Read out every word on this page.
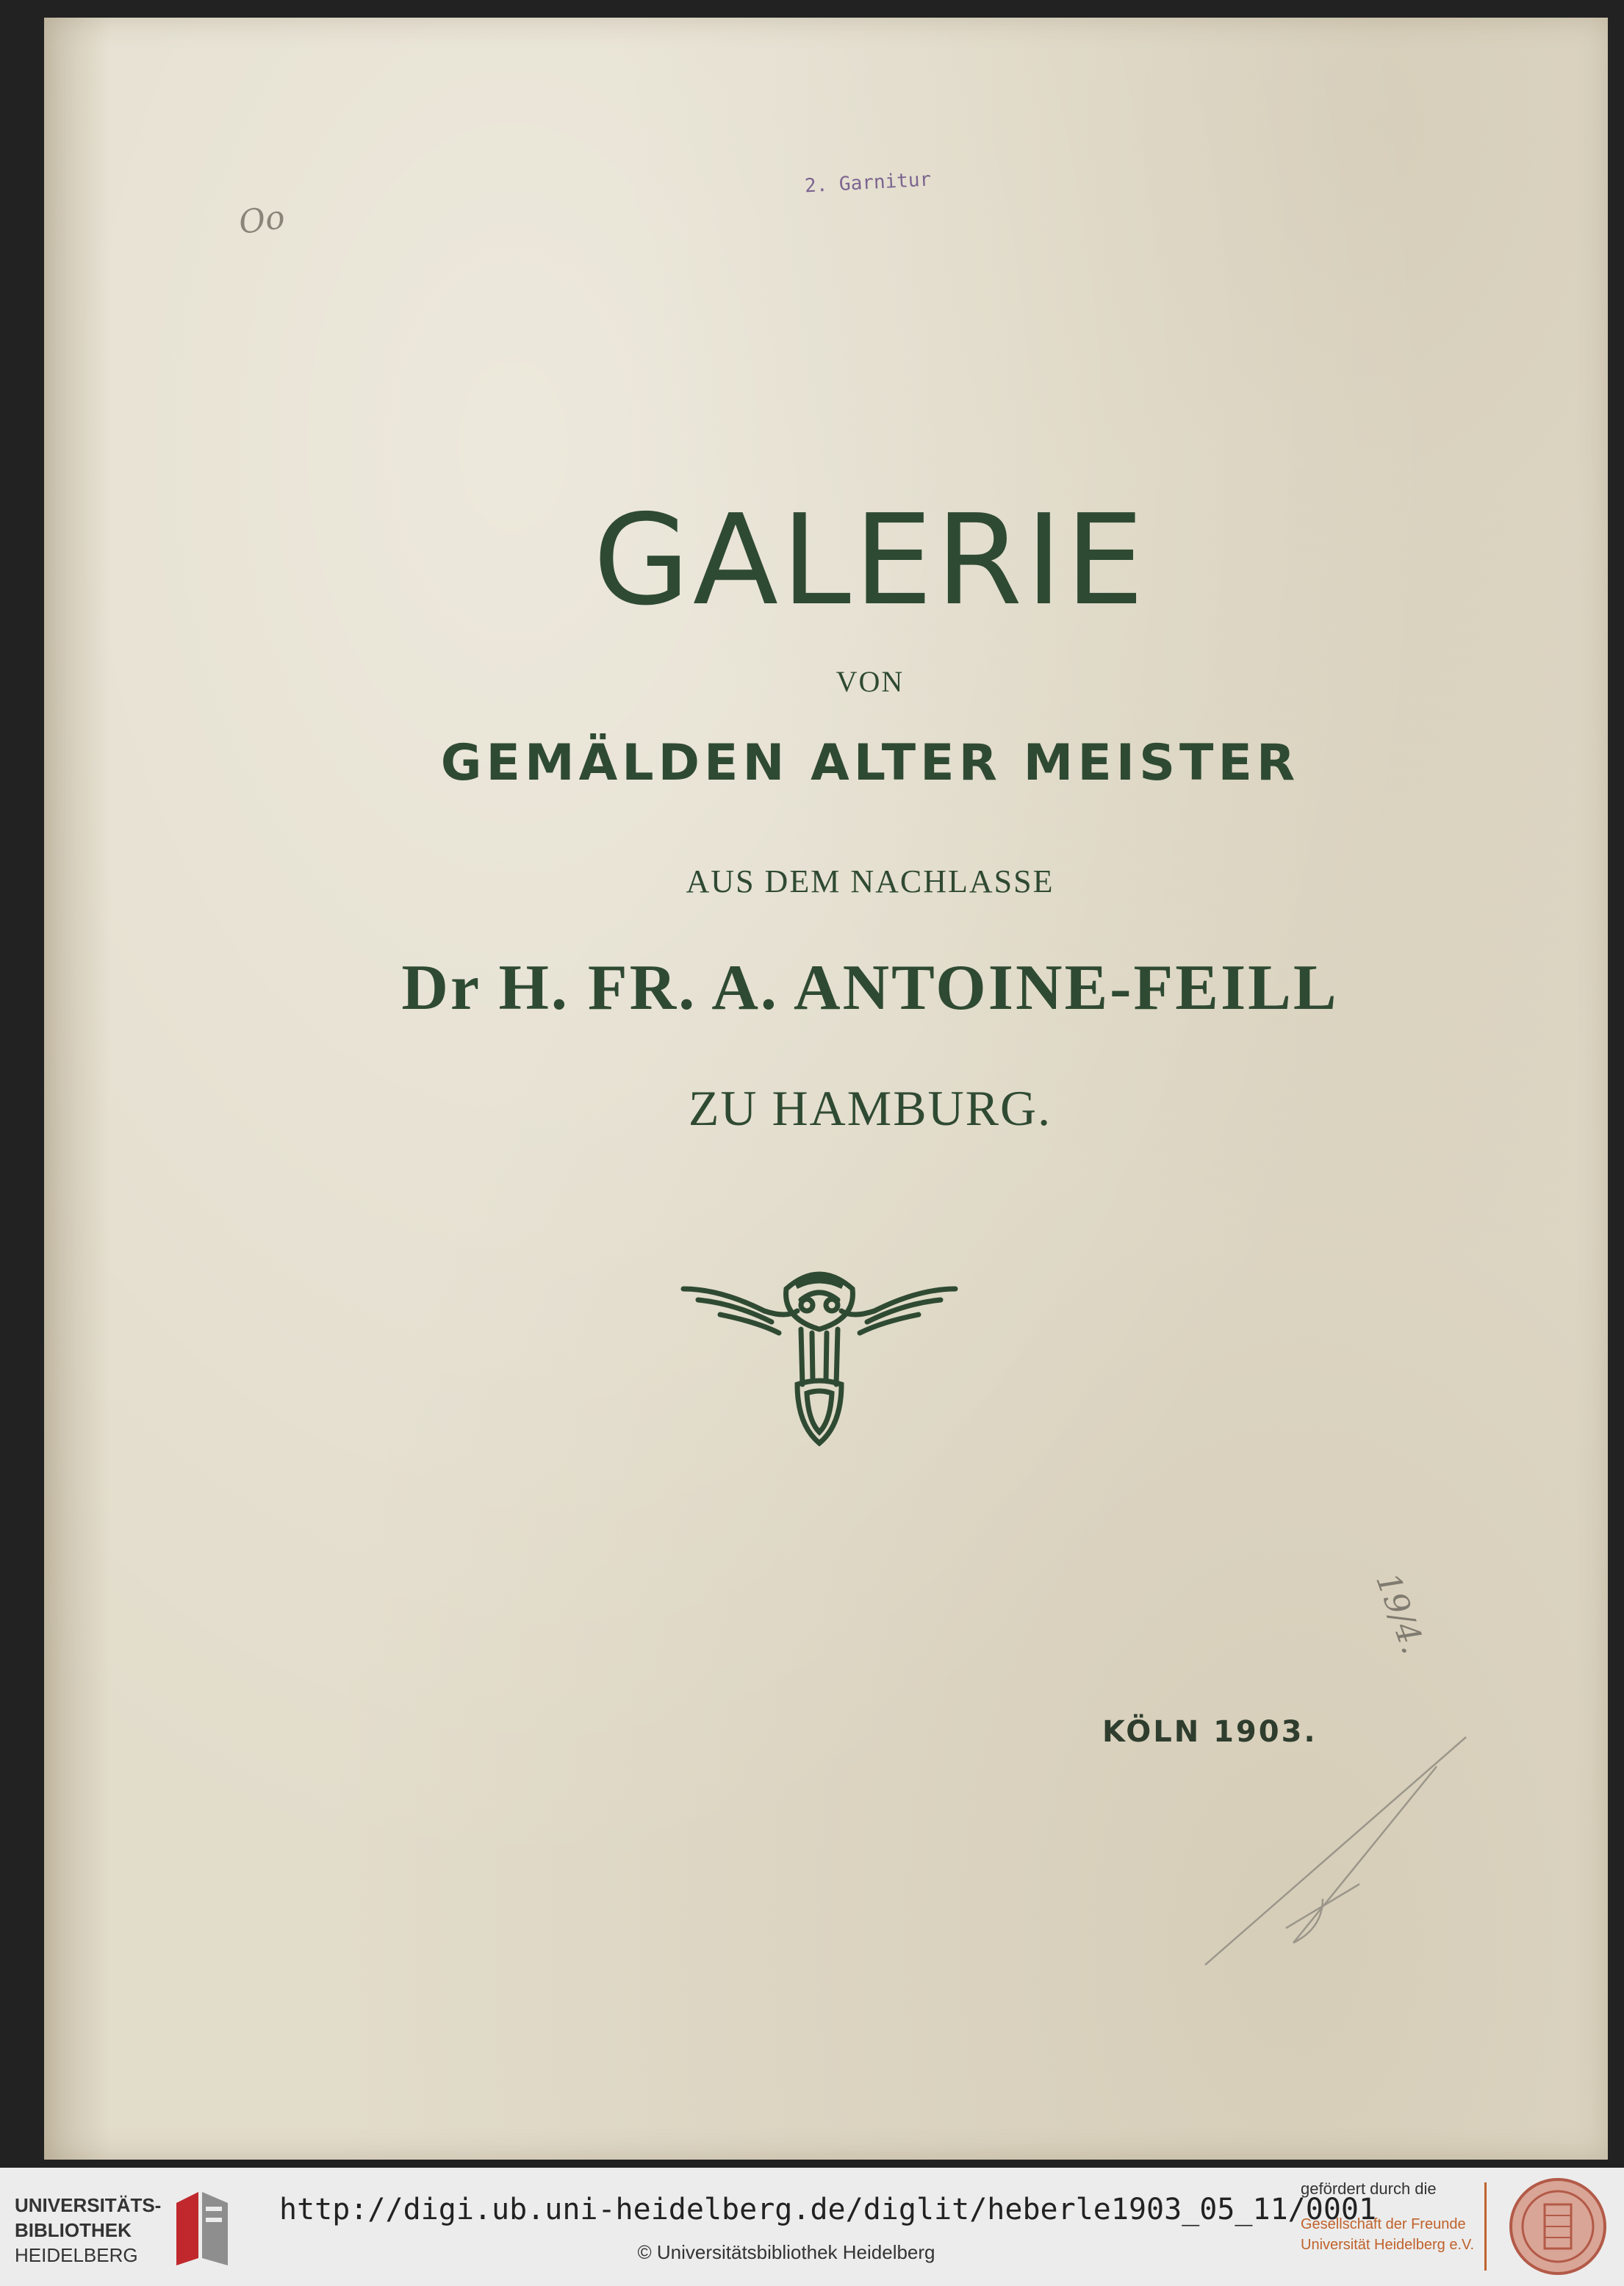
2. Garnitur
Oo
GALERIE
VON
GEMÄLDEN ALTER MEISTER
AUS DEM NACHLASSE
Dr H. FR. A. ANTOINE-FEILL
ZU HAMBURG.
KÖLN 1903.
19/4.
UNIVERSITÄTS-
BIBLIOTHEK
HEIDELBERG
http://digi.ub.uni-heidelberg.de/diglit/heberle1903_05_11/0001
© Universitätsbibliothek Heidelberg
gefördert durch die
Gesellschaft der Freunde
Universität Heidelberg e.V.
